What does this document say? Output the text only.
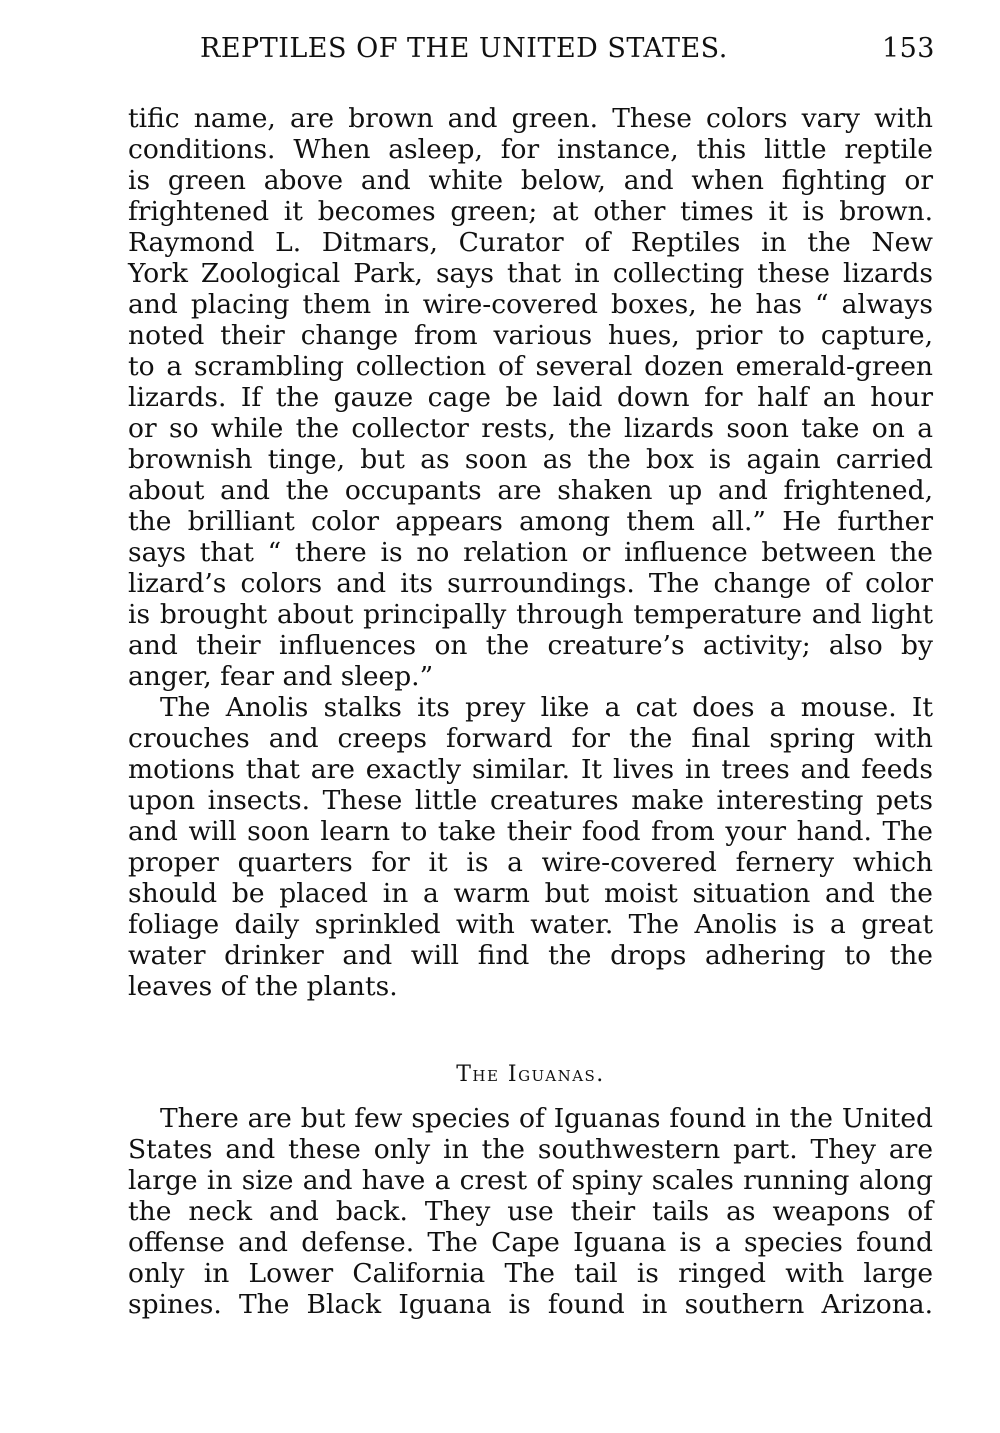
REPTILES OF THE UNITED STATES.	153
tific name, are brown and green. These colors vary with
conditions. When asleep, for instance, this little reptile
is green above and white below, and when fighting or
frightened it becomes green; at other times it is brown.
Raymond L. Ditmars, Curator of Reptiles in the New
York Zoological Park, says that in collecting these lizards
and placing them in wire-covered boxes, he has “ always
noted their change from various hues, prior to capture,
to a scrambling collection of several dozen emerald-green
lizards. If the gauze cage be laid down for half an hour
or so while the collector rests, the lizards soon take on a
brownish tinge, but as soon as the box is again carried
about and the occupants are shaken up and frightened,
the brilliant color appears among them all.” He further
says that “ there is no relation or influence between the
lizard’s colors and its surroundings. The change of color
is brought about principally through temperature and light
and their influences on the creature’s activity; also by
anger, fear and sleep.”
The Anolis stalks its prey like a cat does a mouse. It
crouches and creeps forward for the final spring with
motions that are exactly similar. It lives in trees and feeds
upon insects. These little creatures make interesting pets
and will soon learn to take their food from your hand. The
proper quarters for it is a wire-covered fernery which
should be placed in a warm but moist situation and the
foliage daily sprinkled with water. The Anolis is a great
water drinker and will find the drops adhering to the
leaves of the plants.
The Iguanas.
There are but few species of Iguanas found in the United
States and these only in the southwestern part. They are
large in size and have a crest of spiny scales running along
the neck and back. They use their tails as weapons of
offense and defense. The Cape Iguana is a species found
only in Lower California The tail is ringed with large
spines. The Black Iguana is found in southern Arizona.
